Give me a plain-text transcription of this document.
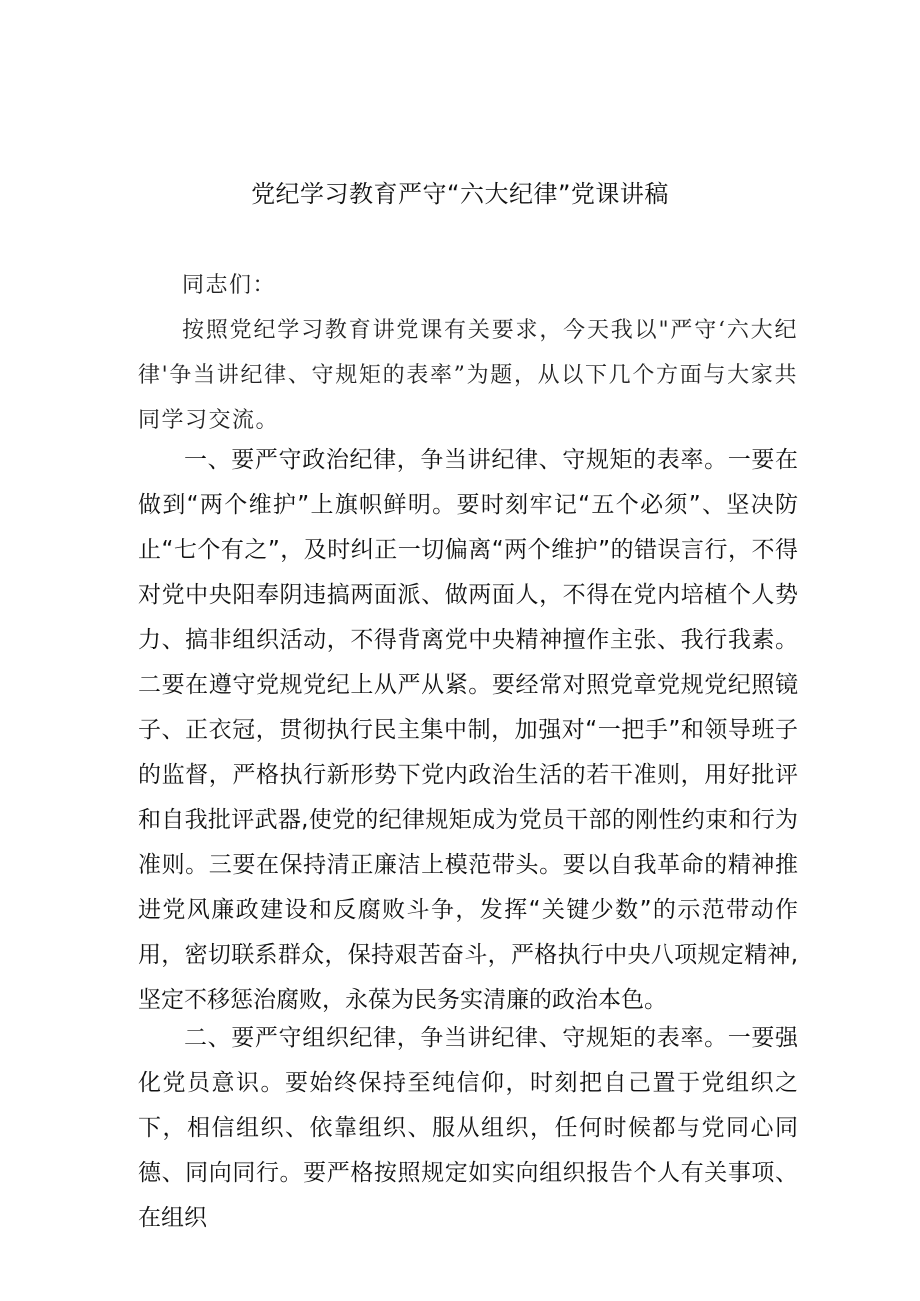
党纪学习教育严守“六大纪律”党课讲稿

同志们：

按照党纪学习教育讲党课有关要求，今天我以"严守‘六大纪律'争当讲纪律、守规矩的表率”为题，从以下几个方面与大家共同学习交流。

一、要严守政治纪律，争当讲纪律、守规矩的表率。一要在做到“两个维护”上旗帜鲜明。要时刻牢记“五个必须”、坚决防止“七个有之”，及时纠正一切偏离“两个维护”的错误言行，不得对党中央阳奉阴违搞两面派、做两面人，不得在党内培植个人势力、搞非组织活动，不得背离党中央精神擅作主张、我行我素。二要在遵守党规党纪上从严从紧。要经常对照党章党规党纪照镜子、正衣冠，贯彻执行民主集中制，加强对“一把手”和领导班子的监督，严格执行新形势下党内政治生活的若干准则，用好批评和自我批评武器,使党的纪律规矩成为党员干部的刚性约束和行为准则。三要在保持清正廉洁上模范带头。要以自我革命的精神推进党风廉政建设和反腐败斗争，发挥“关键少数”的示范带动作用，密切联系群众，保持艰苦奋斗，严格执行中央八项规定精神,坚定不移惩治腐败，永葆为民务实清廉的政治本色。

二、要严守组织纪律，争当讲纪律、守规矩的表率。一要强化党员意识。要始终保持至纯信仰，时刻把自己置于党组织之下，相信组织、依靠组织、服从组织，任何时候都与党同心同德、同向同行。要严格按照规定如实向组织报告个人有关事项、在组织
